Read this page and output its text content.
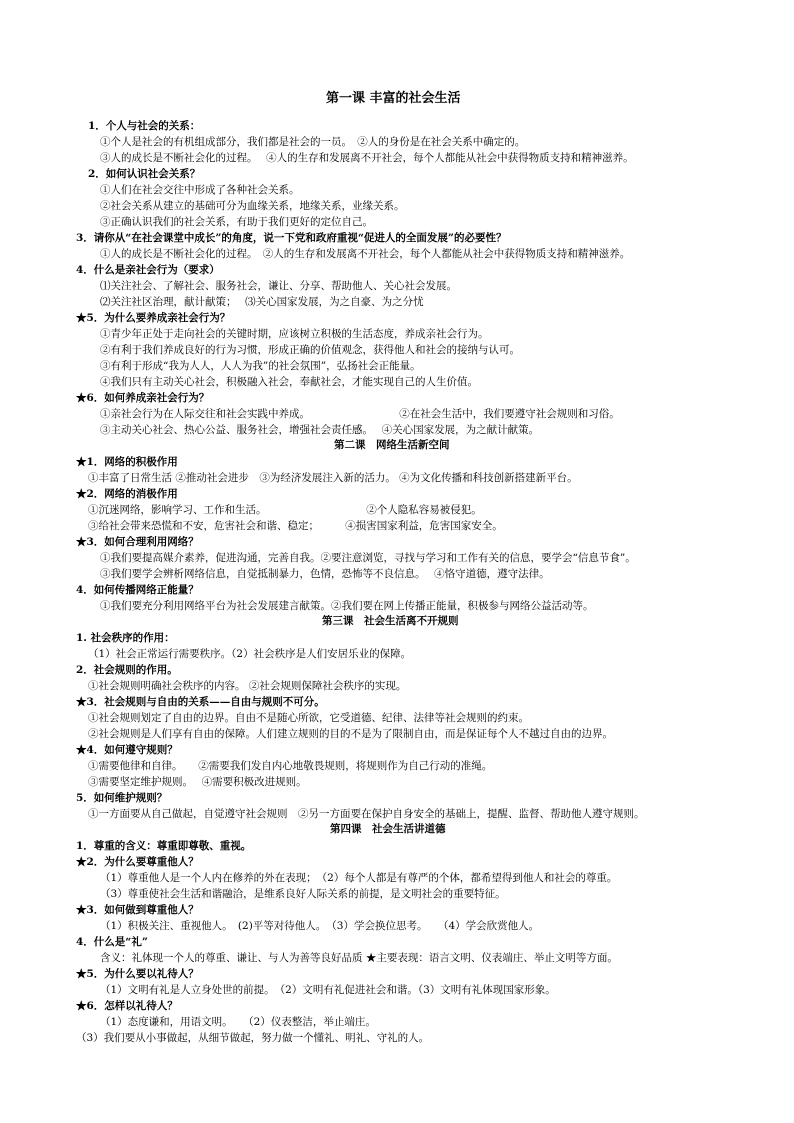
第一课 丰富的社会生活
1．个人与社会的关系：
①个人是社会的有机组成部分，我们都是社会的一员。　②人的身份是在社会关系中确定的。
③人的成长是不断社会化的过程。　 ④人的生存和发展离不开社会，每个人都能从社会中获得物质支持和精神滋养。
2．如何认识社会关系？
①人们在社会交往中形成了各种社会关系。
②社会关系从建立的基础可分为血缘关系，地缘关系，业缘关系。
③正确认识我们的社会关系，有助于我们更好的定位自己。
3．请你从“在社会课堂中成长”的角度，说一下党和政府重视“促进人的全面发展”的必要性？
①人的成长是不断社会化的过程。　②人的生存和发展离不开社会，每个人都能从社会中获得物质支持和精神滋养。
4．什么是亲社会行为（要求）
⑴关注社会、了解社会、服务社会，谦让、分享、帮助他人、关心社会发展。
⑵关注社区治理，献计献策；　 ⑶关心国家发展，为之自豪、为之分忧
★5．为什么要养成亲社会行为？
①青少年正处于走向社会的关键时期，应该树立积极的生活态度，养成亲社会行为。
②有利于我们养成良好的行为习惯，形成正确的价值观念，获得他人和社会的接纳与认可。
③有利于形成“我为人人，人人为我”的社会氛围”，弘扬社会正能量。
④我们只有主动关心社会，积极融入社会，奉献社会，才能实现自己的人生价值。
★6．如何养成亲社会行为？
①亲社会行为在人际交往和社会实践中养成。　　　　　　　　　②在社会生活中，我们要遵守社会规则和习俗。
③主动关心社会、热心公益、服务社会，增强社会责任感。　 ④关心国家发展，为之献计献策。
第二课　网络生活新空间
★1．网络的积极作用
①丰富了日常生活 ②推动社会进步　③为经济发展注入新的活力。 ④为文化传播和科技创新搭建新平台。
★2．网络的消极作用
①沉迷网络，影响学习、工作和生活。　　　　　　　　　　②个人隐私容易被侵犯。
③给社会带来恐慌和不安，危害社会和谐、稳定；　　　④损害国家利益，危害国家安全。
★3．如何合理利用网络？
①我们要提高媒介素养，促进沟通，完善自我。②要注意浏览，寻找与学习和工作有关的信息，要学会“信息节食”。
③我们要学会辨析网络信息，自觉抵制暴力，色情，恐怖等不良信息。　 ④恪守道德，遵守法律。
4．如何传播网络正能量？
①我们要充分利用网络平台为社会发展建言献策。②我们要在网上传播正能量，积极参与网络公益活动等。
第三课　社会生活离不开规则
1. 社会秩序的作用：
（1）社会正常运行需要秩序。（2）社会秩序是人们安居乐业的保障。
2．社会规则的作用。
①社会规则明确社会秩序的内容。 ②社会规则保障社会秩序的实现。
★3．社会规则与自由的关系——自由与规则不可分。
①社会规则划定了自由的边界。自由不是随心所欲，它受道德、纪律、法律等社会规则的约束。
②社会规则是人们享有自由的保障。人们建立规则的目的不是为了限制自由，而是保证每个人不越过自由的边界。
★4．如何遵守规则？
①需要他律和自律。　　②需要我们发自内心地敬畏规则，将规则作为自己行动的准绳。
③需要坚定维护规则。　 ④需要积极改进规则。
5．如何维护规则？
①一方面要从自己做起，自觉遵守社会规则　②另一方面要在保护自身安全的基础上，提醒、监督、帮助他人遵守规则。
第四课　社会生活讲道德
1．尊重的含义：尊重即尊敬、重视。
★2．为什么要尊重他人？
（1）尊重他人是一个人内在修养的外在表现；　（2）每个人都是有尊严的个体，都希望得到他人和社会的尊重。
（3）尊重使社会生活和谐融洽，是维系良好人际关系的前提，是文明社会的重要特征。
★3．如何做到尊重他人？
（1）积极关注、重视他人。　(2)平等对待他人。　（3）学会换位思考。　　（4）学会欣赏他人。
4．什么是“礼”
含义：礼体现一个人的尊重、谦让、与人为善等良好品质 ★主要表现：语言文明、仪表端庄、举止文明等方面。
★5．为什么要以礼待人？
（1）文明有礼是人立身处世的前提。　（2）文明有礼促进社会和谐。（3）文明有礼体现国家形象。
★6．怎样以礼待人？
（1）态度谦和，用语文明。　　（2）仪表整洁，举止端庄。
（3）我们要从小事做起，从细节做起，努力做一个懂礼、明礼、守礼的人。
